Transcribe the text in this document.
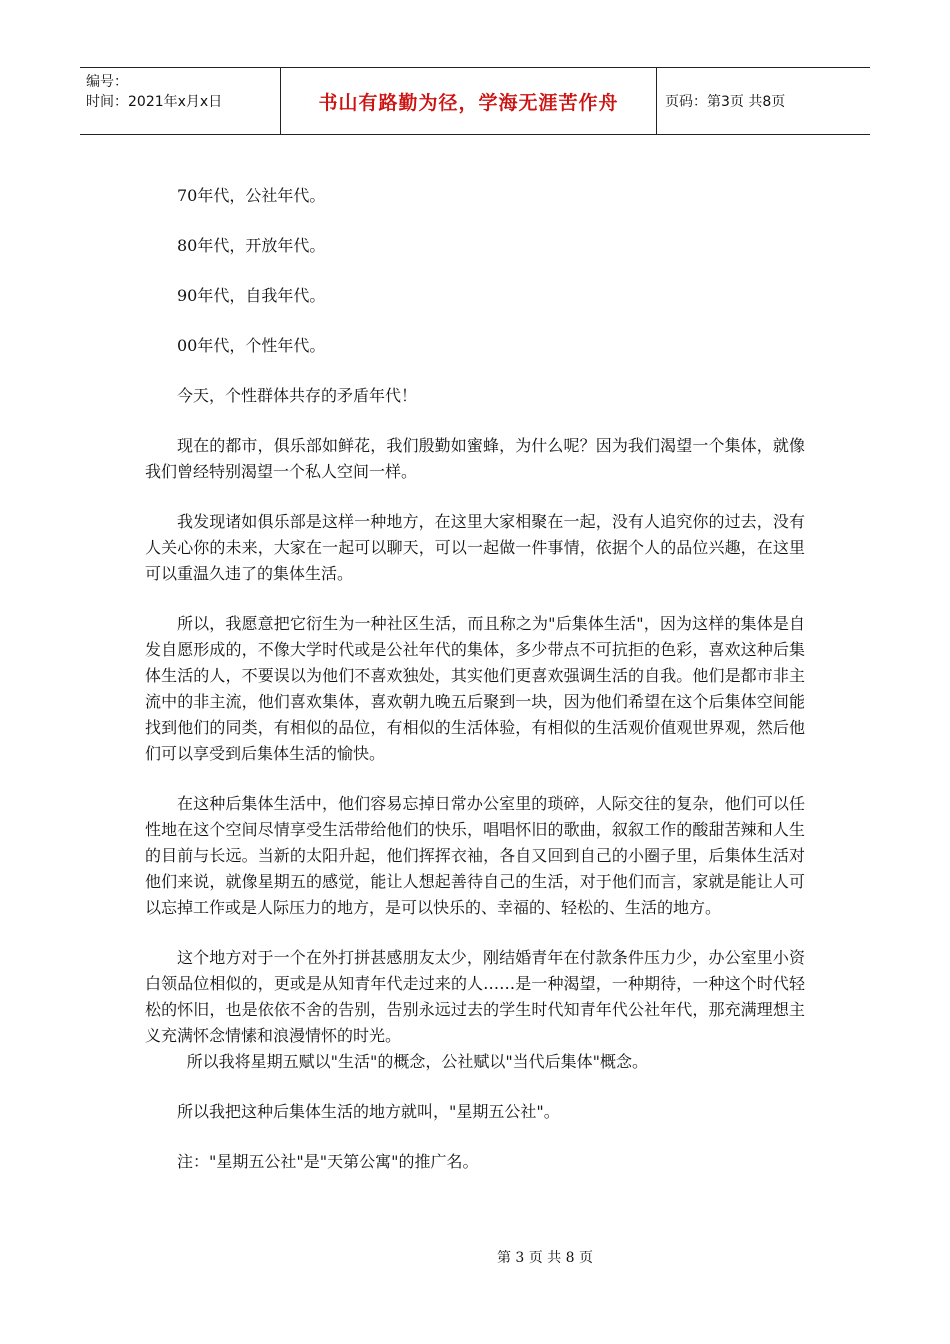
编号：
时间：2021年x月x日	书山有路勤为径，学海无涯苦作舟	页码：第3页 共8页

70年代，公社年代。

80年代，开放年代。

90年代，自我年代。

00年代，个性年代。

今天，个性群体共存的矛盾年代！

现在的都市，俱乐部如鲜花，我们殷勤如蜜蜂，为什么呢？因为我们渴望一个集体，就像我们曾经特别渴望一个私人空间一样。

我发现诸如俱乐部是这样一种地方，在这里大家相聚在一起，没有人追究你的过去，没有人关心你的未来，大家在一起可以聊天，可以一起做一件事情，依据个人的品位兴趣，在这里可以重温久违了的集体生活。

所以，我愿意把它衍生为一种社区生活，而且称之为"后集体生活"，因为这样的集体是自发自愿形成的，不像大学时代或是公社年代的集体，多少带点不可抗拒的色彩，喜欢这种后集体生活的人，不要误以为他们不喜欢独处，其实他们更喜欢强调生活的自我。他们是都市非主流中的非主流，他们喜欢集体，喜欢朝九晚五后聚到一块，因为他们希望在这个后集体空间能找到他们的同类，有相似的品位，有相似的生活体验，有相似的生活观价值观世界观，然后他们可以享受到后集体生活的愉快。

在这种后集体生活中，他们容易忘掉日常办公室里的琐碎，人际交往的复杂，他们可以任性地在这个空间尽情享受生活带给他们的快乐，唱唱怀旧的歌曲，叙叙工作的酸甜苦辣和人生的目前与长远。当新的太阳升起，他们挥挥衣袖，各自又回到自己的小圈子里，后集体生活对他们来说，就像星期五的感觉，能让人想起善待自己的生活，对于他们而言，家就是能让人可以忘掉工作或是人际压力的地方，是可以快乐的、幸福的、轻松的、生活的地方。

这个地方对于一个在外打拼甚感朋友太少，刚结婚青年在付款条件压力少，办公室里小资白领品位相似的，更或是从知青年代走过来的人……是一种渴望，一种期待，一种这个时代轻松的怀旧，也是依依不舍的告别，告别永远过去的学生时代知青年代公社年代，那充满理想主义充满怀念情愫和浪漫情怀的时光。

所以我将星期五赋以"生活"的概念，公社赋以"当代后集体"概念。

所以我把这种后集体生活的地方就叫，"星期五公社"。

注："星期五公社"是"天第公寓"的推广名。

第 3 页 共 8 页
